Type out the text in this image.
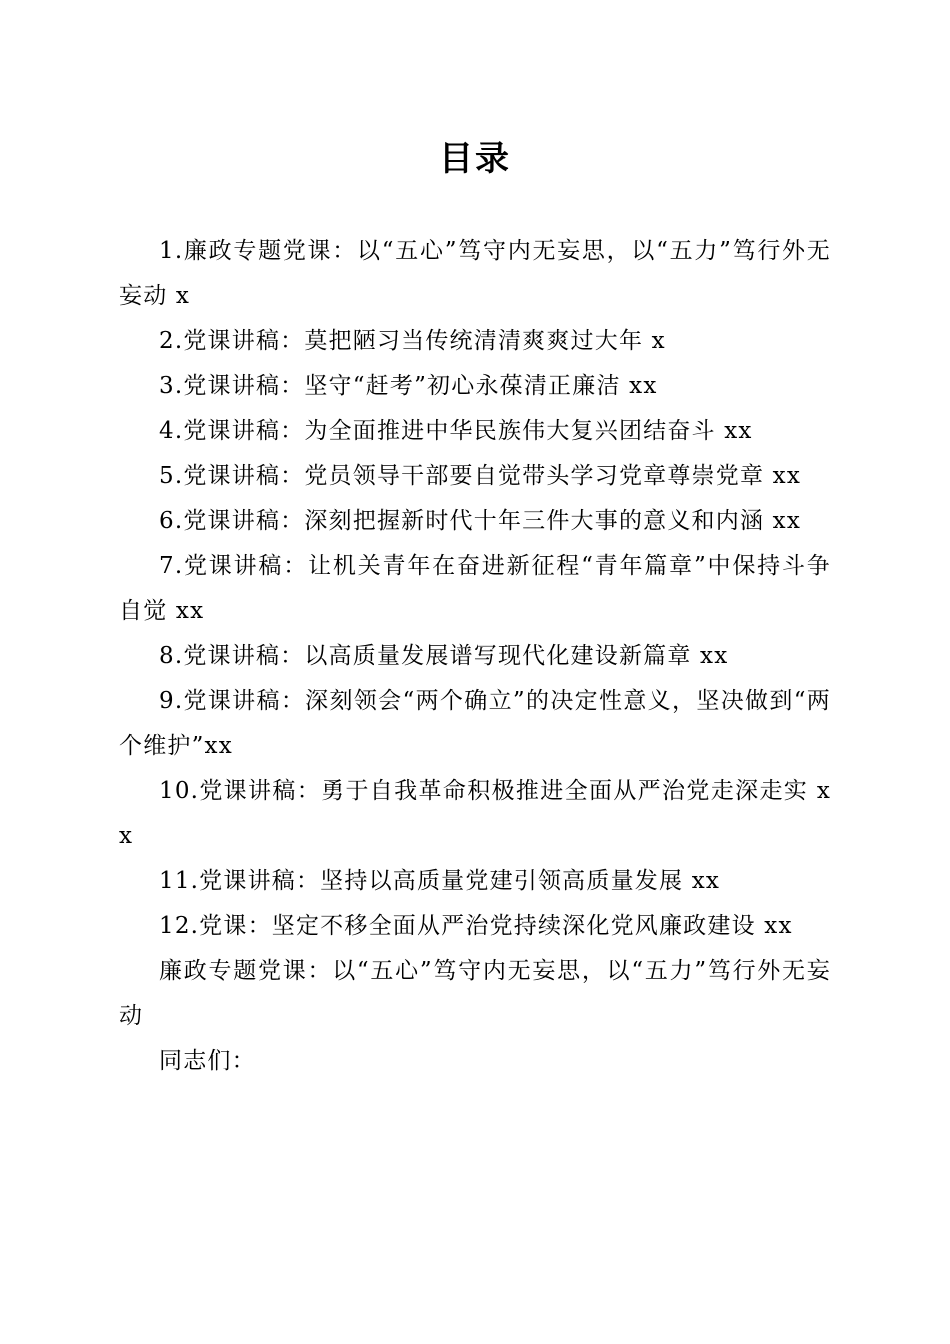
目录

1.廉政专题党课：以“五心”笃守内无妄思，以“五力”笃行外无妄动 x

2.党课讲稿：莫把陋习当传统清清爽爽过大年 x

3.党课讲稿：坚守“赶考”初心永葆清正廉洁 xx

4.党课讲稿：为全面推进中华民族伟大复兴团结奋斗 xx

5.党课讲稿：党员领导干部要自觉带头学习党章尊崇党章 xx

6.党课讲稿：深刻把握新时代十年三件大事的意义和内涵 xx

7.党课讲稿：让机关青年在奋进新征程“青年篇章”中保持斗争自觉 xx

8.党课讲稿：以高质量发展谱写现代化建设新篇章 xx

9.党课讲稿：深刻领会“两个确立”的决定性意义，坚决做到“两个维护”xx

10.党课讲稿：勇于自我革命积极推进全面从严治党走深走实 xx

11.党课讲稿：坚持以高质量党建引领高质量发展 xx

12.党课：坚定不移全面从严治党持续深化党风廉政建设 xx

廉政专题党课：以“五心”笃守内无妄思，以“五力”笃行外无妄动

同志们：
